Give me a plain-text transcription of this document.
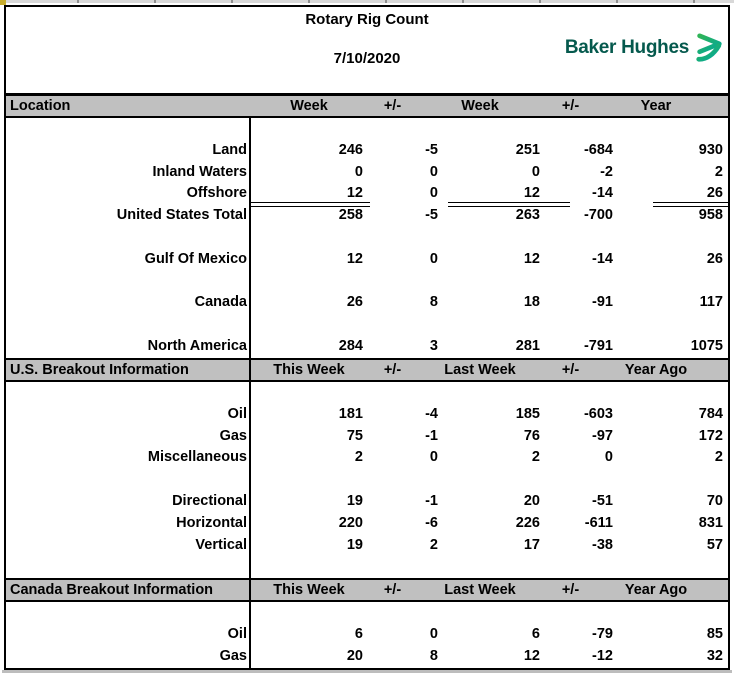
Rotary Rig Count
7/10/2020
Baker Hughes
Location	Week	+/-	Week	+/-	Year
Land	246	-5	251	-684	930
Inland Waters	0	0	0	-2	2
Offshore	12	0	12	-14	26
United States Total	258	-5	263	-700	958
Gulf Of Mexico	12	0	12	-14	26
Canada	26	8	18	-91	117
North America	284	3	281	-791	1075
U.S. Breakout Information	This Week	+/-	Last Week	+/-	Year Ago
Oil	181	-4	185	-603	784
Gas	75	-1	76	-97	172
Miscellaneous	2	0	2	0	2
Directional	19	-1	20	-51	70
Horizontal	220	-6	226	-611	831
Vertical	19	2	17	-38	57
Canada Breakout Information	This Week	+/-	Last Week	+/-	Year Ago
Oil	6	0	6	-79	85
Gas	20	8	12	-12	32
